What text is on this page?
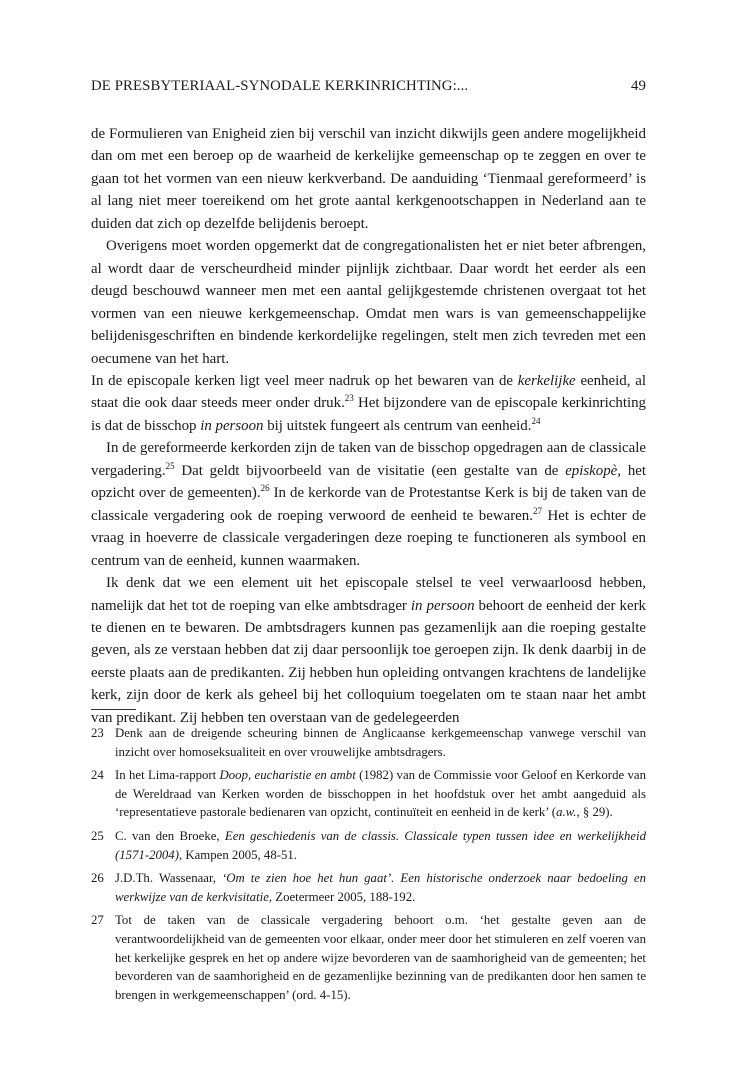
DE PRESBYTERIAAL-SYNODALE KERKINRICHTING:...	49

de Formulieren van Enigheid zien bij verschil van inzicht dikwijls geen andere mogelijkheid dan om met een beroep op de waarheid de kerkelijke gemeenschap op te zeggen en over te gaan tot het vormen van een nieuw kerkverband. De aanduiding ‘Tienmaal gereformeerd’ is al lang niet meer toereikend om het grote aantal kerkgenootschappen in Nederland aan te duiden dat zich op dezelfde belijdenis beroept.

Overigens moet worden opgemerkt dat de congregationalisten het er niet beter afbrengen, al wordt daar de verscheurdheid minder pijnlijk zichtbaar. Daar wordt het eerder als een deugd beschouwd wanneer men met een aantal gelijkgestemde christenen overgaat tot het vormen van een nieuwe kerkgemeenschap. Omdat men wars is van gemeenschappelijke belijdenisgeschriften en bindende kerkordelijke regelingen, stelt men zich tevreden met een oecumene van het hart.

In de episcopale kerken ligt veel meer nadruk op het bewaren van de kerkelijke eenheid, al staat die ook daar steeds meer onder druk.$^{23}$ Het bijzondere van de episcopale kerkinrichting is dat de bisschop in persoon bij uitstek fungeert als centrum van eenheid.$^{24}$

In de gereformeerde kerkorden zijn de taken van de bisschop opgedragen aan de classicale vergadering.$^{25}$ Dat geldt bijvoorbeeld van de visitatie (een gestalte van de episkopè, het opzicht over de gemeenten).$^{26}$ In de kerkorde van de Protestantse Kerk is bij de taken van de classicale vergadering ook de roeping verwoord de eenheid te bewaren.$^{27}$ Het is echter de vraag in hoeverre de classicale vergaderingen deze roeping te functioneren als symbool en centrum van de eenheid, kunnen waarmaken.

Ik denk dat we een element uit het episcopale stelsel te veel verwaarloosd hebben, namelijk dat het tot de roeping van elke ambtsdrager in persoon behoort de eenheid der kerk te dienen en te bewaren. De ambtsdragers kunnen pas gezamenlijk aan die roeping gestalte geven, als ze verstaan hebben dat zij daar persoonlijk toe geroepen zijn. Ik denk daarbij in de eerste plaats aan de predikanten. Zij hebben hun opleiding ontvangen krachtens de landelijke kerk, zijn door de kerk als geheel bij het colloquium toegelaten om te staan naar het ambt van predikant. Zij hebben ten overstaan van de gedelegeerden

23 Denk aan de dreigende scheuring binnen de Anglicaanse kerkgemeenschap vanwege verschil van inzicht over homoseksualiteit en over vrouwelijke ambtsdragers.
24 In het Lima-rapport Doop, eucharistie en ambt (1982) van de Commissie voor Geloof en Kerkorde van de Wereldraad van Kerken worden de bisschoppen in het hoofdstuk over het ambt aangeduid als ‘representatieve pastorale bedienaren van opzicht, continuïteit en eenheid in de kerk’ (a.w., § 29).
25 C. van den Broeke, Een geschiedenis van de classis. Classicale typen tussen idee en werkelijkheid (1571-2004), Kampen 2005, 48-51.
26 J.D.Th. Wassenaar, ‘Om te zien hoe het hun gaat’. Een historische onderzoek naar bedoeling en werkwijze van de kerkvisitatie, Zoetermeer 2005, 188-192.
27 Tot de taken van de classicale vergadering behoort o.m. ‘het gestalte geven aan de verantwoordelijkheid van de gemeenten voor elkaar, onder meer door het stimuleren en zelf voeren van het kerkelijke gesprek en het op andere wijze bevorderen van de saamhorigheid van de gemeenten; het bevorderen van de saamhorigheid en de gezamenlijke bezinning van de predikanten door hen samen te brengen in werkgemeenschappen’ (ord. 4-15).
